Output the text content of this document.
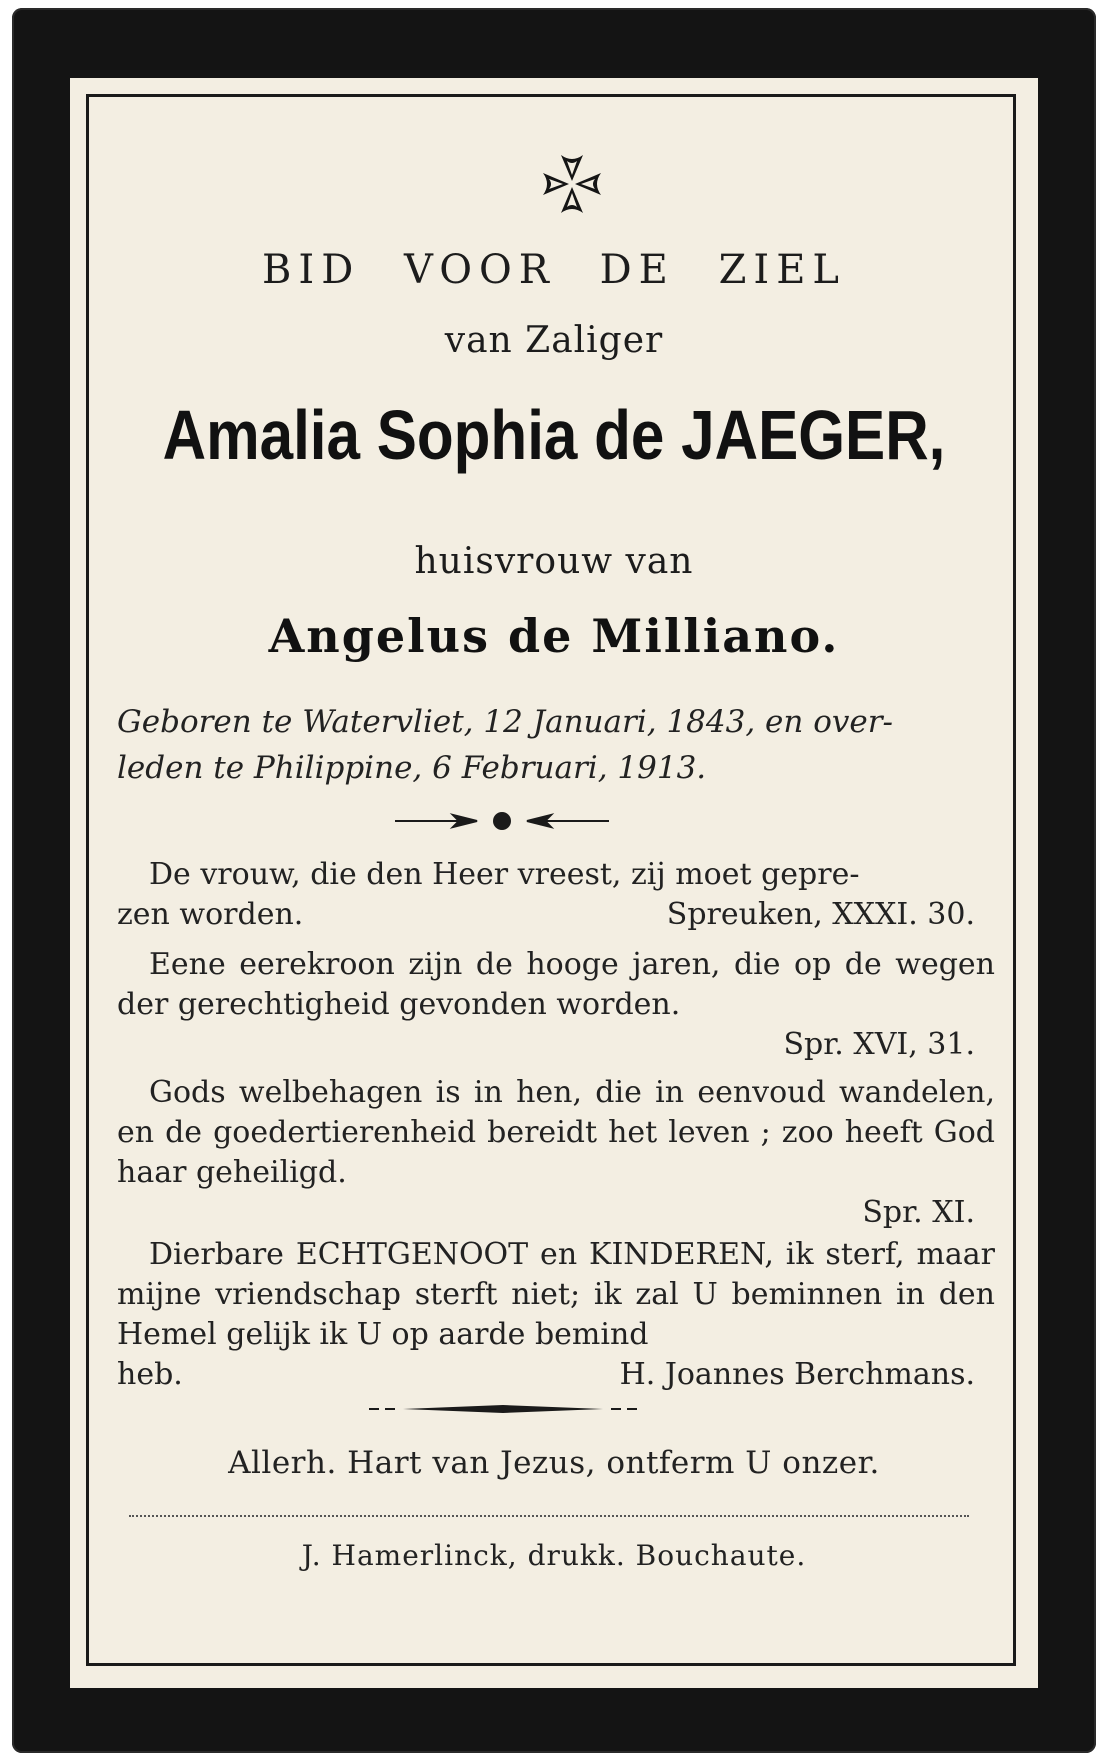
BID VOOR DE ZIEL
van Zaliger
Amalia Sophia de JAEGER,
huisvrouw van
Angelus de Milliano.
Geboren te Watervliet, 12 Januari, 1843, en over-
leden te Philippine, 6 Februari, 1913.
De vrouw, die den Heer vreest, zij moet gepre-
zen worden.	Spreuken, XXXI. 30.
Eene eerekroon zijn de hooge jaren, die op de wegen der gerechtigheid gevonden worden.
Spr. XVI, 31.
Gods welbehagen is in hen, die in eenvoud wandelen, en de goedertierenheid bereidt het leven ; zoo heeft God haar geheiligd.
Spr. XI.
Dierbare ECHTGENOOT en KINDEREN, ik sterf, maar mijne vriendschap sterft niet; ik zal U beminnen in den Hemel gelijk ik U op aarde bemind
heb.	H. Joannes Berchmans.
Allerh. Hart van Jezus, ontferm U onzer.
J. Hamerlinck, drukk. Bouchaute.
